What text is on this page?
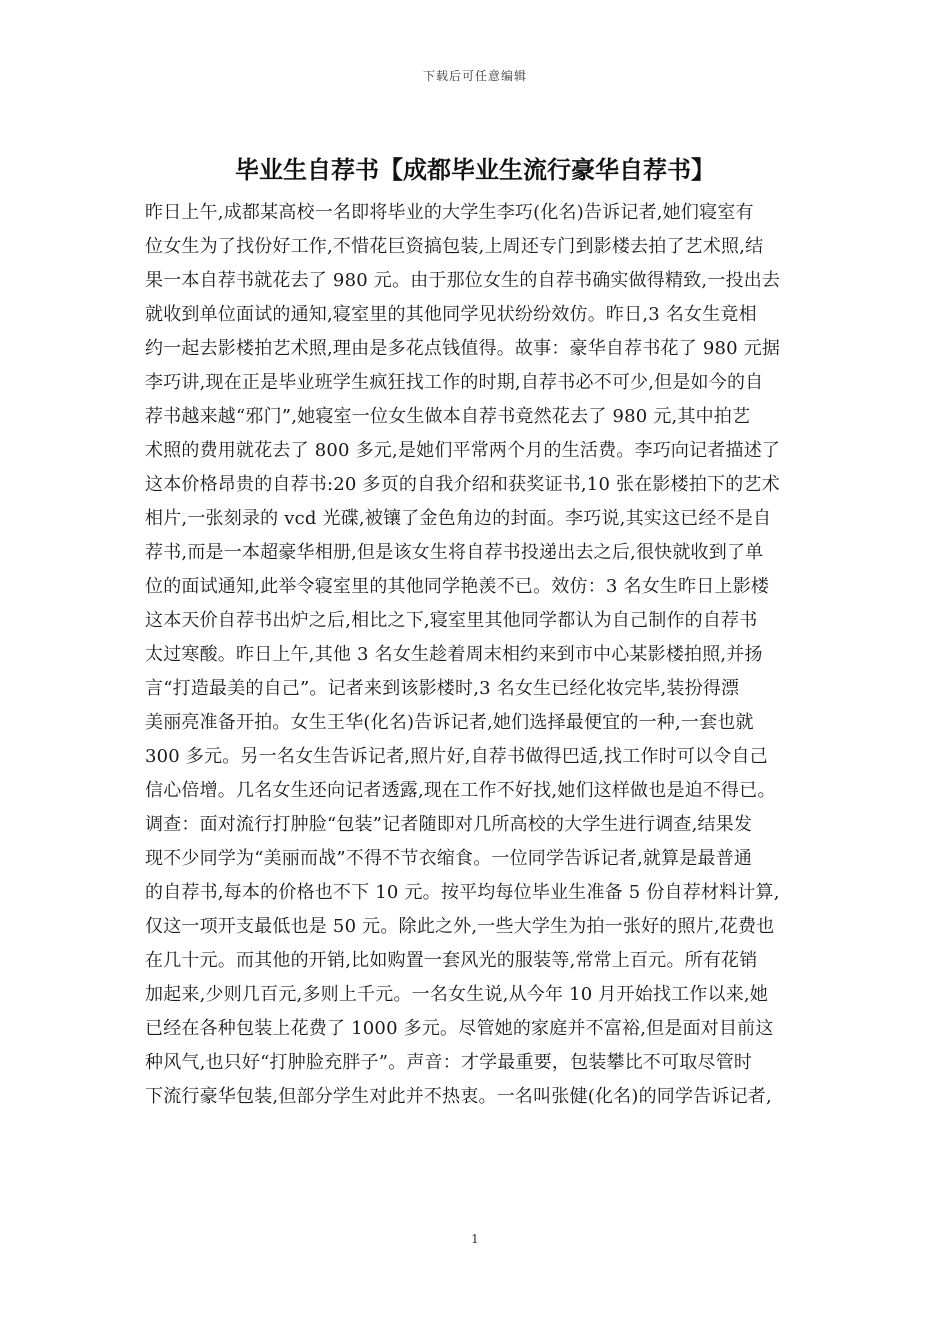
下载后可任意编辑
毕业生自荐书【成都毕业生流行豪华自荐书】
昨日上午,成都某高校一名即将毕业的大学生李巧(化名)告诉记者,她们寝室有
位女生为了找份好工作,不惜花巨资搞包装,上周还专门到影楼去拍了艺术照,结
果一本自荐书就花去了 980 元。由于那位女生的自荐书确实做得精致,一投出去
就收到单位面试的通知,寝室里的其他同学见状纷纷效仿。昨日,3 名女生竟相
约一起去影楼拍艺术照,理由是多花点钱值得。故事：豪华自荐书花了 980 元据
李巧讲,现在正是毕业班学生疯狂找工作的时期,自荐书必不可少,但是如今的自
荐书越来越“邪门”,她寝室一位女生做本自荐书竟然花去了 980 元,其中拍艺
术照的费用就花去了 800 多元,是她们平常两个月的生活费。李巧向记者描述了
这本价格昂贵的自荐书:20 多页的自我介绍和获奖证书,10 张在影楼拍下的艺术
相片,一张刻录的 vcd 光碟,被镶了金色角边的封面。李巧说,其实这已经不是自
荐书,而是一本超豪华相册,但是该女生将自荐书投递出去之后,很快就收到了单
位的面试通知,此举令寝室里的其他同学艳羡不已。效仿：3 名女生昨日上影楼
这本天价自荐书出炉之后,相比之下,寝室里其他同学都认为自己制作的自荐书
太过寒酸。昨日上午,其他 3 名女生趁着周末相约来到市中心某影楼拍照,并扬
言“打造最美的自己”。记者来到该影楼时,3 名女生已经化妆完毕,装扮得漂
美丽亮准备开拍。女生王华(化名)告诉记者,她们选择最便宜的一种,一套也就
300 多元。另一名女生告诉记者,照片好,自荐书做得巴适,找工作时可以令自己
信心倍增。几名女生还向记者透露,现在工作不好找,她们这样做也是迫不得已。
调查：面对流行打肿脸“包装”记者随即对几所高校的大学生进行调查,结果发
现不少同学为“美丽而战”不得不节衣缩食。一位同学告诉记者,就算是最普通
的自荐书,每本的价格也不下 10 元。按平均每位毕业生准备 5 份自荐材料计算,
仅这一项开支最低也是 50 元。除此之外,一些大学生为拍一张好的照片,花费也
在几十元。而其他的开销,比如购置一套风光的服装等,常常上百元。所有花销
加起来,少则几百元,多则上千元。一名女生说,从今年 10 月开始找工作以来,她
已经在各种包装上花费了 1000 多元。尽管她的家庭并不富裕,但是面对目前这
种风气,也只好“打肿脸充胖子”。声音：才学最重要，包装攀比不可取尽管时
下流行豪华包装,但部分学生对此并不热衷。一名叫张健(化名)的同学告诉记者,
1
